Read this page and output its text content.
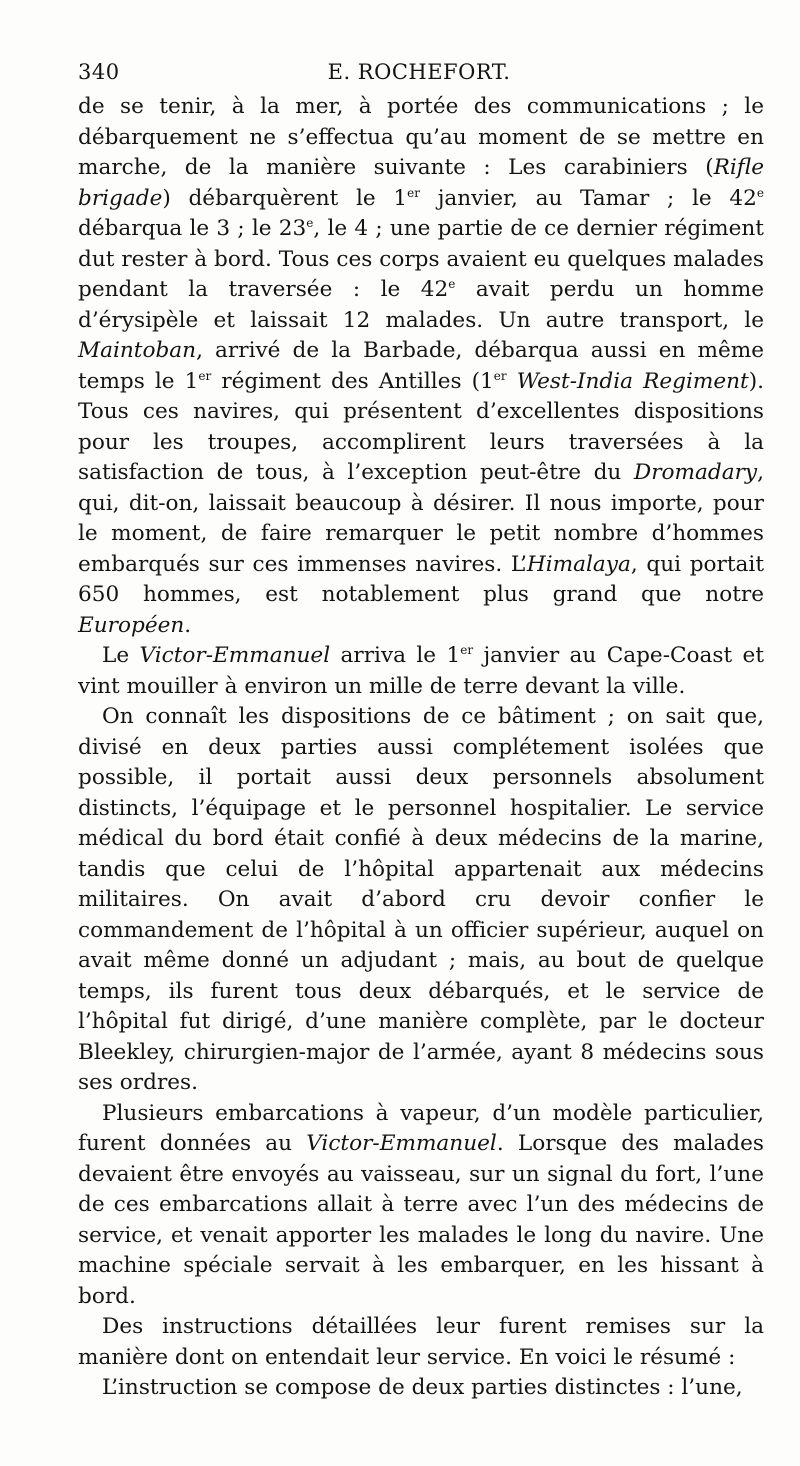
340	E. ROCHEFORT.

de se tenir, à la mer, à portée des communications ; le débarquement ne s’effectua qu’au moment de se mettre en marche, de la manière suivante : Les carabiniers (Rifle brigade) débarquèrent le 1er janvier, au Tamar ; le 42e débarqua le 3 ; le 23e, le 4 ; une partie de ce dernier régiment dut rester à bord. Tous ces corps avaient eu quelques malades pendant la traversée : le 42e avait perdu un homme d’érysipèle et laissait 12 malades. Un autre transport, le Maintoban, arrivé de la Barbade, débarqua aussi en même temps le 1er régiment des Antilles (1er West-India Regiment). Tous ces navires, qui présentent d’excellentes dispositions pour les troupes, accomplirent leurs traversées à la satisfaction de tous, à l’exception peut-être du Dromadary, qui, dit-on, laissait beaucoup à désirer. Il nous importe, pour le moment, de faire remarquer le petit nombre d’hommes embarqués sur ces immenses navires. L’Himalaya, qui portait 650 hommes, est notablement plus grand que notre Européen.

Le Victor-Emmanuel arriva le 1er janvier au Cape-Coast et vint mouiller à environ un mille de terre devant la ville.

On connaît les dispositions de ce bâtiment ; on sait que, divisé en deux parties aussi complétement isolées que possible, il portait aussi deux personnels absolument distincts, l’équipage et le personnel hospitalier. Le service médical du bord était confié à deux médecins de la marine, tandis que celui de l’hôpital appartenait aux médecins militaires. On avait d’abord cru devoir confier le commandement de l’hôpital à un officier supérieur, auquel on avait même donné un adjudant ; mais, au bout de quelque temps, ils furent tous deux débarqués, et le service de l’hôpital fut dirigé, d’une manière complète, par le docteur Bleekley, chirurgien-major de l’armée, ayant 8 médecins sous ses ordres.

Plusieurs embarcations à vapeur, d’un modèle particulier, furent données au Victor-Emmanuel. Lorsque des malades devaient être envoyés au vaisseau, sur un signal du fort, l’une de ces embarcations allait à terre avec l’un des médecins de service, et venait apporter les malades le long du navire. Une machine spéciale servait à les embarquer, en les hissant à bord.

Des instructions détaillées leur furent remises sur la manière dont on entendait leur service. En voici le résumé :

L’instruction se compose de deux parties distinctes : l’une,
